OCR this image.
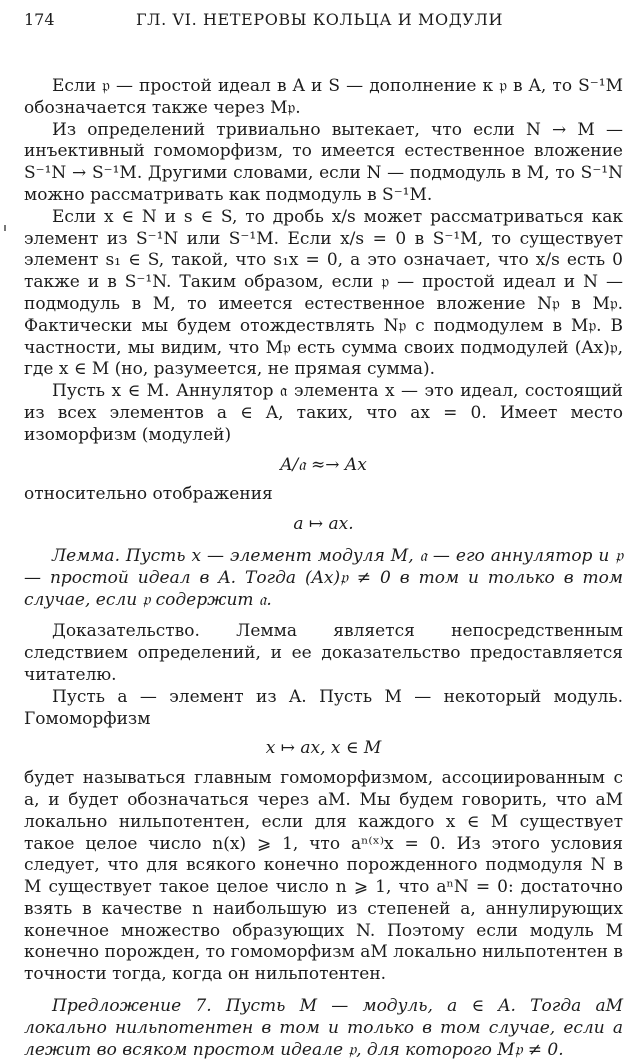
174	ГЛ. VI. НЕТЕРОВЫ КОЛЬЦА И МОДУЛИ

Если 𝔭 — простой идеал в A и S — дополнение к 𝔭 в A, то S⁻¹M обозначается также через M𝔭.

Из определений тривиально вытекает, что если N → M — инъективный гомоморфизм, то имеется естественное вложение S⁻¹N → S⁻¹M. Другими словами, если N — подмодуль в M, то S⁻¹N можно рассматривать как подмодуль в S⁻¹M.

Если x ∈ N и s ∈ S, то дробь x/s может рассматриваться как элемент из S⁻¹N или S⁻¹M. Если x/s = 0 в S⁻¹M, то существует элемент s₁ ∈ S, такой, что s₁x = 0, а это означает, что x/s есть 0 также и в S⁻¹N. Таким образом, если 𝔭 — простой идеал и N — подмодуль в M, то имеется естественное вложение N𝔭 в M𝔭. Фактически мы будем отождествлять N𝔭 с подмодулем в M𝔭. В частности, мы видим, что M𝔭 есть сумма своих подмодулей (Ax)𝔭, где x ∈ M (но, разумеется, не прямая сумма).

Пусть x ∈ M. Аннулятор 𝔞 элемента x — это идеал, состоящий из всех элементов a ∈ A, таких, что ax = 0. Имеет место изоморфизм (модулей)

A/𝔞 ≈→ Ax

относительно отображения

a ↦ ax.

Лемма. Пусть x — элемент модуля M, 𝔞 — его аннулятор и 𝔭 — простой идеал в A. Тогда (Ax)𝔭 ≠ 0 в том и только в том случае, если 𝔭 содержит 𝔞.

Доказательство. Лемма является непосредственным следствием определений, и ее доказательство предоставляется читателю.

Пусть a — элемент из A. Пусть M — некоторый модуль. Гомоморфизм

x ↦ ax, x ∈ M

будет называться главным гомоморфизмом, ассоциированным с a, и будет обозначаться через aM. Мы будем говорить, что aM локально нильпотентен, если для каждого x ∈ M существует такое целое число n(x) ⩾ 1, что aⁿ⁽ˣ⁾x = 0. Из этого условия следует, что для всякого конечно порожденного подмодуля N в M существует такое целое число n ⩾ 1, что aⁿN = 0: достаточно взять в качестве n наибольшую из степеней a, аннулирующих конечное множество образующих N. Поэтому если модуль M конечно порожден, то гомоморфизм aM локально нильпотентен в точности тогда, когда он нильпотентен.

Предложение 7. Пусть M — модуль, a ∈ A. Тогда aM локально нильпотентен в том и только в том случае, если a лежит во всяком простом идеале 𝔭, для которого M𝔭 ≠ 0.
